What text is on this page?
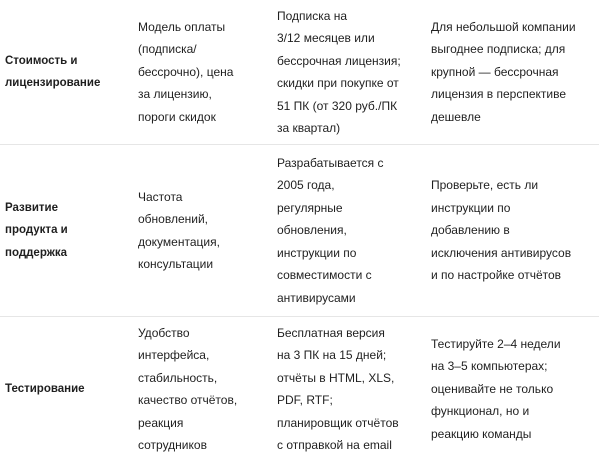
Стоимость и
лицензирование
Модель оплаты
(подписка/
бессрочно), цена
за лицензию,
пороги скидок
Подписка на
3/12 месяцев или
бессрочная лицензия;
скидки при покупке от
51 ПК (от 320 руб./ПК
за квартал)
Для небольшой компании
выгоднее подписка; для
крупной — бессрочная
лицензия в перспективе
дешевле
Развитие
продукта и
поддержка
Частота
обновлений,
документация,
консультации
Разрабатывается с
2005 года,
регулярные
обновления,
инструкции по
совместимости с
антивирусами
Проверьте, есть ли
инструкции по
добавлению в
исключения антивирусов
и по настройке отчётов
Тестирование
Удобство
интерфейса,
стабильность,
качество отчётов,
реакция
сотрудников
Бесплатная версия
на 3 ПК на 15 дней;
отчёты в HTML, XLS,
PDF, RTF;
планировщик отчётов
с отправкой на email
Тестируйте 2–4 недели
на 3–5 компьютерах;
оценивайте не только
функционал, но и
реакцию команды
